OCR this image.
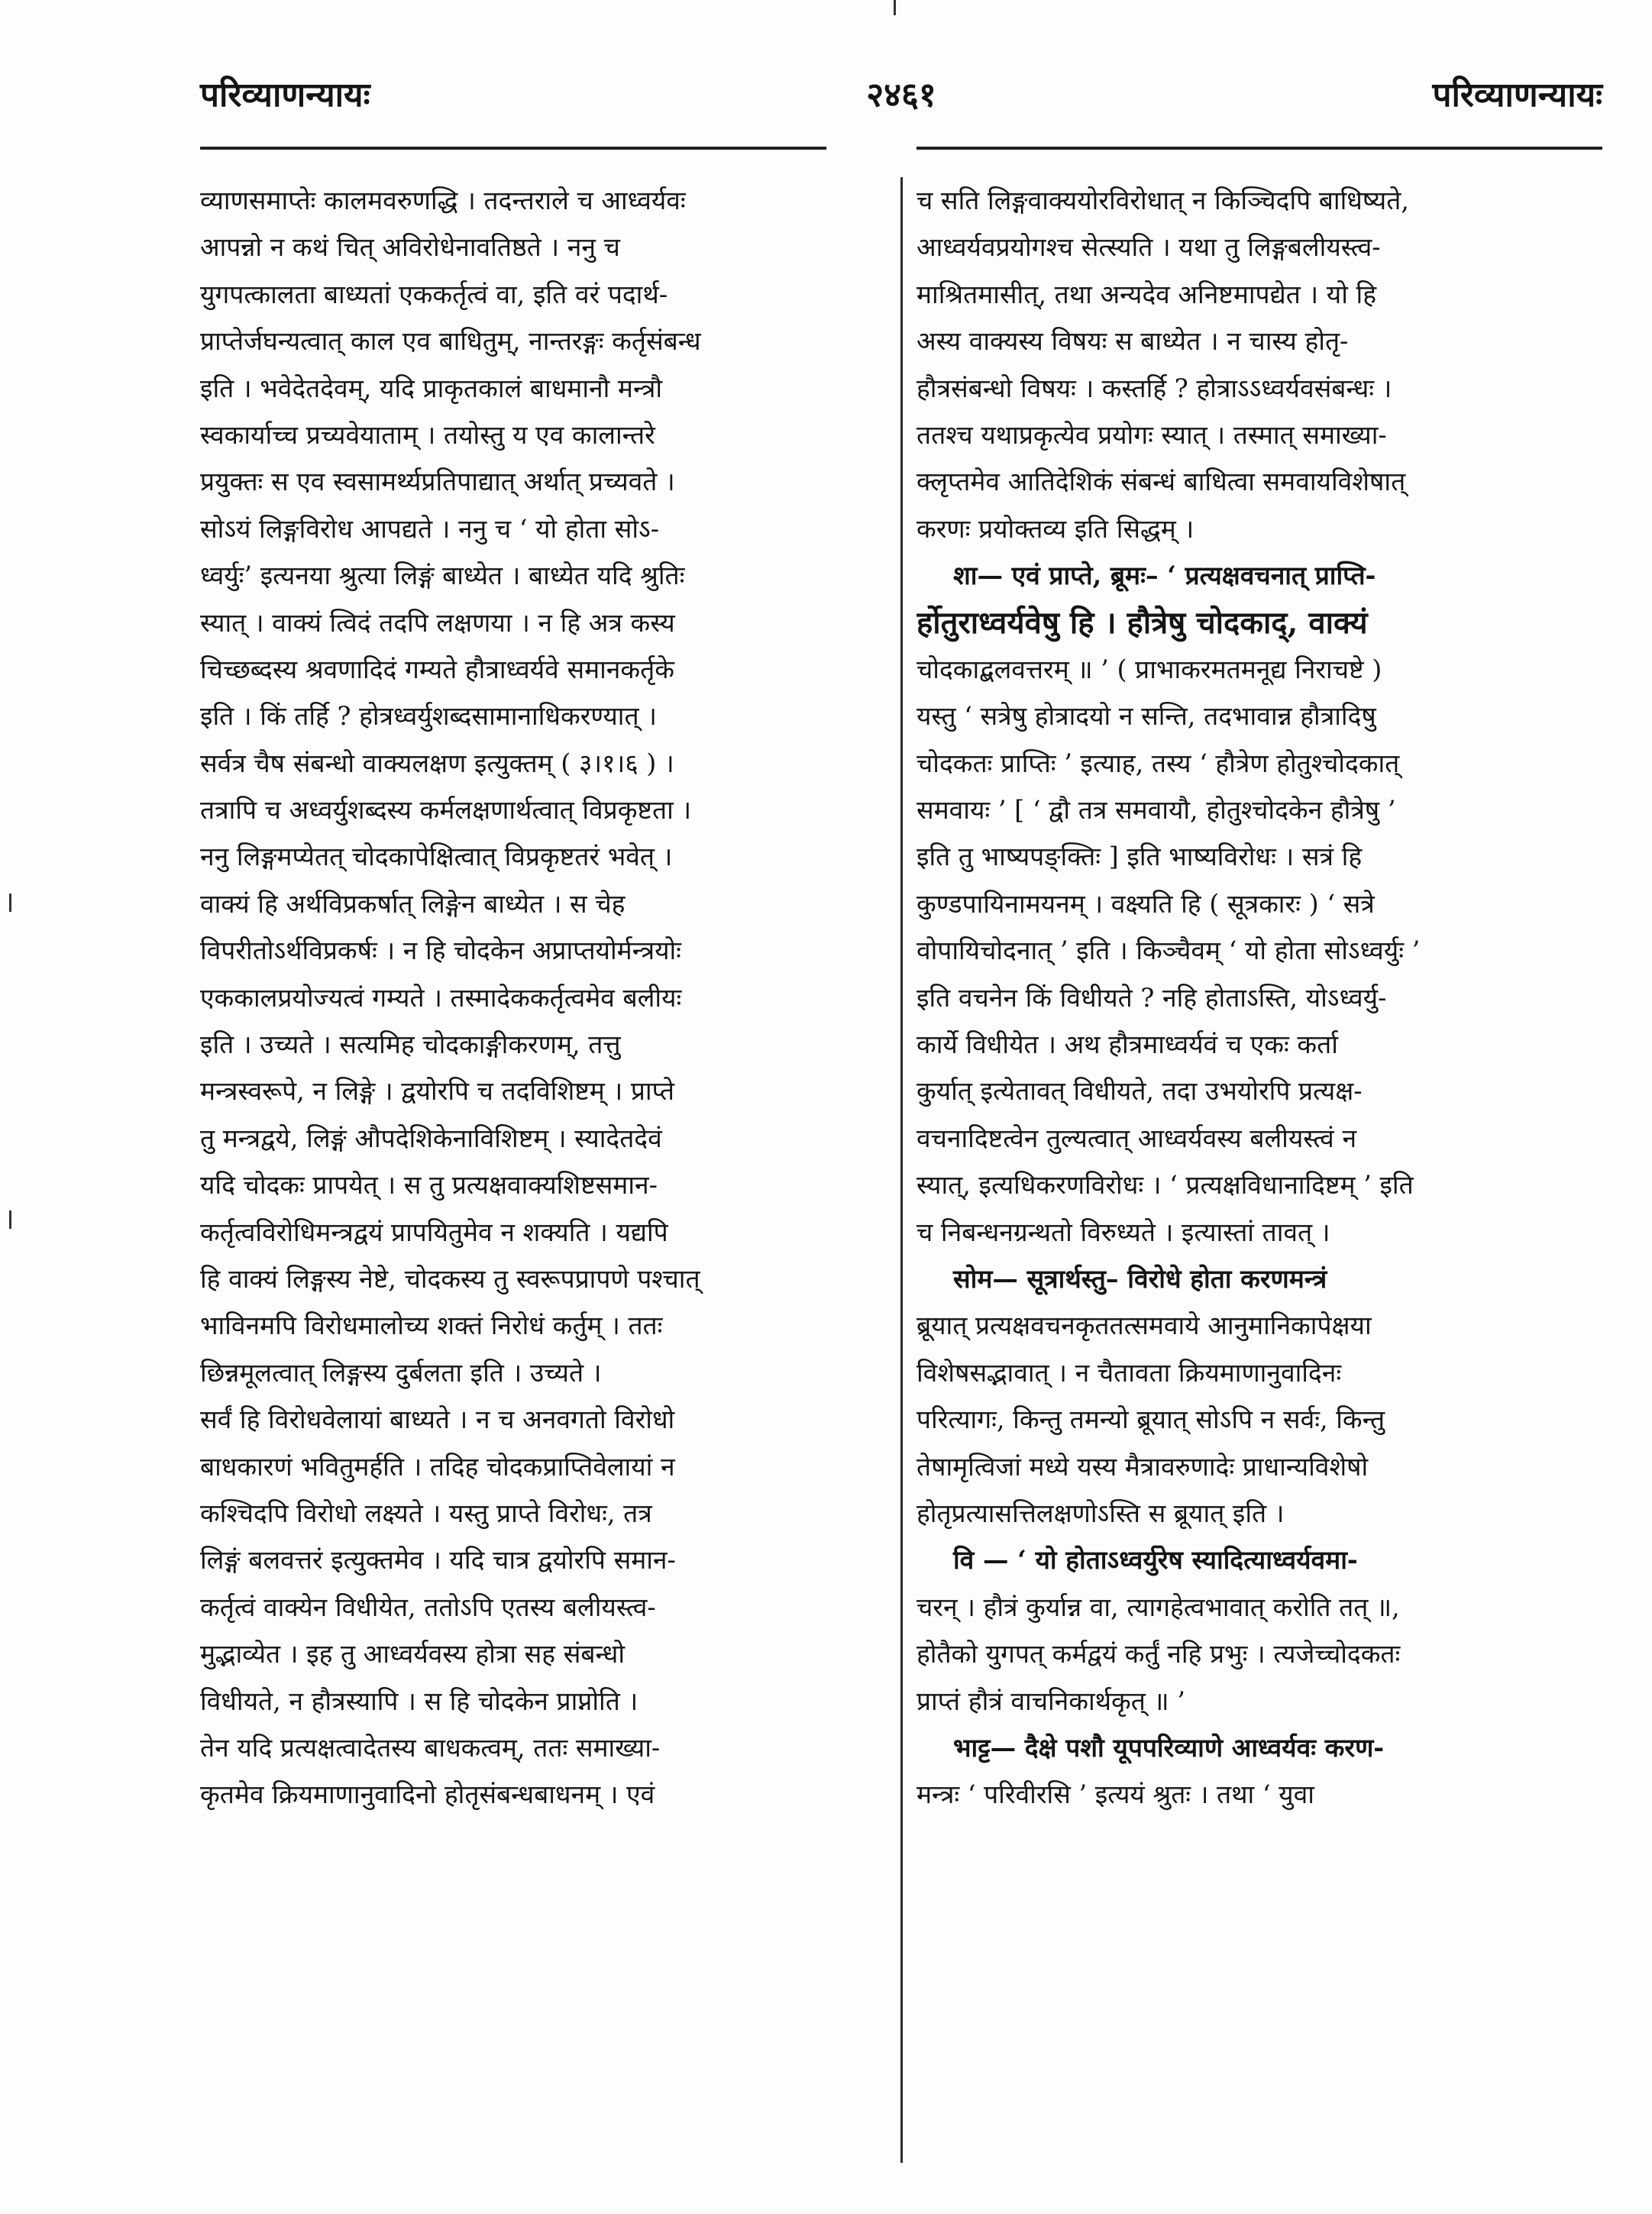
परिव्याणन्यायः	२४६१	परिव्याणन्यायः
व्याणसमाप्तेः कालमवरुणद्धि । तदन्तराले च आध्वर्यवः
आपन्नो न कथं चित् अविरोधेनावतिष्ठते । ननु च
युगपत्कालता बाध्यतां एककर्तृत्वं वा, इति वरं पदार्थ-
प्राप्तेर्जघन्यत्वात् काल एव बाधितुम्, नान्तरङ्गः कर्तृसंबन्ध
इति । भवेदेतदेवम्, यदि प्राकृतकालं बाधमानौ मन्त्रौ
स्वकार्याच्च प्रच्यवेयाताम् । तयोस्तु य एव कालान्तरे
प्रयुक्तः स एव स्वसामर्थ्यप्रतिपाद्यात् अर्थात् प्रच्यवते ।
सोऽयं लिङ्गविरोध आपद्यते । ननु च ‘ यो होता सोऽ-
ध्वर्युः’ इत्यनया श्रुत्या लिङ्गं बाध्येत । बाध्येत यदि श्रुतिः
स्यात् । वाक्यं त्विदं तदपि लक्षणया । न हि अत्र कस्य
चिच्छब्दस्य श्रवणादिदं गम्यते हौत्राध्वर्यवे समानकर्तृके
इति । किं तर्हि ? होत्रध्वर्युशब्दसामानाधिकरण्यात् ।
सर्वत्र चैष संबन्धो वाक्यलक्षण इत्युक्तम् ( ३।१।६ ) ।
तत्रापि च अध्वर्युशब्दस्य कर्मलक्षणार्थत्वात् विप्रकृष्टता ।
ननु लिङ्गमप्येतत् चोदकापेक्षित्वात् विप्रकृष्टतरं भवेत् ।
वाक्यं हि अर्थविप्रकर्षात् लिङ्गेन बाध्येत । स चेह
विपरीतोऽर्थविप्रकर्षः । न हि चोदकेन अप्राप्तयोर्मन्त्रयोः
एककालप्रयोज्यत्वं गम्यते । तस्मादेककर्तृत्वमेव बलीयः
इति । उच्यते । सत्यमिह चोदकाङ्गीकरणम्, तत्तु
मन्त्रस्वरूपे, न लिङ्गे । द्वयोरपि च तदविशिष्टम् । प्राप्ते
तु मन्त्रद्वये, लिङ्गं औपदेशिकेनाविशिष्टम् । स्यादेतदेवं
यदि चोदकः प्रापयेत् । स तु प्रत्यक्षवाक्यशिष्टसमान-
कर्तृत्वविरोधिमन्त्रद्वयं प्रापयितुमेव न शक्यति । यद्यपि
हि वाक्यं लिङ्गस्य नेष्टे, चोदकस्य तु स्वरूपप्रापणे पश्चात्
भाविनमपि विरोधमालोच्य शक्तं निरोधं कर्तुम् । ततः
छिन्नमूलत्वात् लिङ्गस्य दुर्बलता इति । उच्यते ।
सर्वं हि विरोधवेलायां बाध्यते । न च अनवगतो विरोधो
बाधकारणं भवितुमर्हति । तदिह चोदकप्राप्तिवेलायां न
कश्चिदपि विरोधो लक्ष्यते । यस्तु प्राप्ते विरोधः, तत्र
लिङ्गं बलवत्तरं इत्युक्तमेव । यदि चात्र द्वयोरपि समान-
कर्तृत्वं वाक्येन विधीयेत, ततोऽपि एतस्य बलीयस्त्व-
मुद्भाव्येत । इह तु आध्वर्यवस्य होत्रा सह संबन्धो
विधीयते, न हौत्रस्यापि । स हि चोदकेन प्राप्नोति ।
तेन यदि प्रत्यक्षत्वादेतस्य बाधकत्वम्, ततः समाख्या-
कृतमेव क्रियमाणानुवादिनो होतृसंबन्धबाधनम् । एवं
च सति लिङ्गवाक्ययोरविरोधात् न किञ्चिदपि बाधिष्यते,
आध्वर्यवप्रयोगश्च सेत्स्यति । यथा तु लिङ्गबलीयस्त्व-
माश्रितमासीत्, तथा अन्यदेव अनिष्टमापद्येत । यो हि
अस्य वाक्यस्य विषयः स बाध्येत । न चास्य होतृ-
हौत्रसंबन्धो विषयः । कस्तर्हि ? होत्राऽऽध्वर्यवसंबन्धः ।
ततश्च यथाप्रकृत्येव प्रयोगः स्यात् । तस्मात् समाख्या-
क्लृप्तमेव आतिदेशिकं संबन्धं बाधित्वा समवायविशेषात्
करणः प्रयोक्तव्य इति सिद्धम् ।
शा— एवं प्राप्ते, ब्रूमः– ‘ प्रत्यक्षवचनात् प्राप्ति-
र्होतुराध्वर्यवेषु हि । हौत्रेषु चोदकाद्, वाक्यं
चोदकाद्बलवत्तरम् ॥ ’ ( प्राभाकरमतमनूद्य निराचष्टे )
यस्तु ‘ सत्रेषु होत्रादयो न सन्ति, तदभावान्न हौत्रादिषु
चोदकतः प्राप्तिः ’ इत्याह, तस्य ‘ हौत्रेण होतुश्चोदकात्
समवायः ’ [ ‘ द्वौ तत्र समवायौ, होतुश्चोदकेन हौत्रेषु ’
इति तु भाष्यपङ्क्तिः ] इति भाष्यविरोधः । सत्रं हि
कुण्डपायिनामयनम् । वक्ष्यति हि ( सूत्रकारः ) ‘ सत्रे
वोपायिचोदनात् ’ इति । किञ्चैवम् ‘ यो होता सोऽध्वर्युः ’
इति वचनेन किं विधीयते ? नहि होताऽस्ति, योऽध्वर्यु-
कार्ये विधीयेत । अथ हौत्रमाध्वर्यवं च एकः कर्ता
कुर्यात् इत्येतावत् विधीयते, तदा उभयोरपि प्रत्यक्ष-
वचनादिष्टत्वेन तुल्यत्वात् आध्वर्यवस्य बलीयस्त्वं न
स्यात्, इत्यधिकरणविरोधः । ‘ प्रत्यक्षविधानादिष्टम् ’ इति
च निबन्धनग्रन्थतो विरुध्यते । इत्यास्तां तावत् ।
सोम— सूत्रार्थस्तु– विरोधे होता करणमन्त्रं
ब्रूयात् प्रत्यक्षवचनकृततत्समवाये आनुमानिकापेक्षया
विशेषसद्भावात् । न चैतावता क्रियमाणानुवादिनः
परित्यागः, किन्तु तमन्यो ब्रूयात् सोऽपि न सर्वः, किन्तु
तेषामृत्विजां मध्ये यस्य मैत्रावरुणादेः प्राधान्यविशेषो
होतृप्रत्यासत्तिलक्षणोऽस्ति स ब्रूयात् इति ।
वि — ‘ यो होताऽध्वर्युरेष स्यादित्याध्वर्यवमा-
चरन् । हौत्रं कुर्यान्न वा, त्यागहेत्वभावात् करोति तत् ॥,
होतैको युगपत् कर्मद्वयं कर्तुं नहि प्रभुः । त्यजेच्चोदकतः
प्राप्तं हौत्रं वाचनिकार्थकृत् ॥ ’
भाट्ट— दैक्षे पशौ यूपपरिव्याणे आध्वर्यवः करण-
मन्त्रः ‘ परिवीरसि ’ इत्ययं श्रुतः । तथा ‘ युवा
